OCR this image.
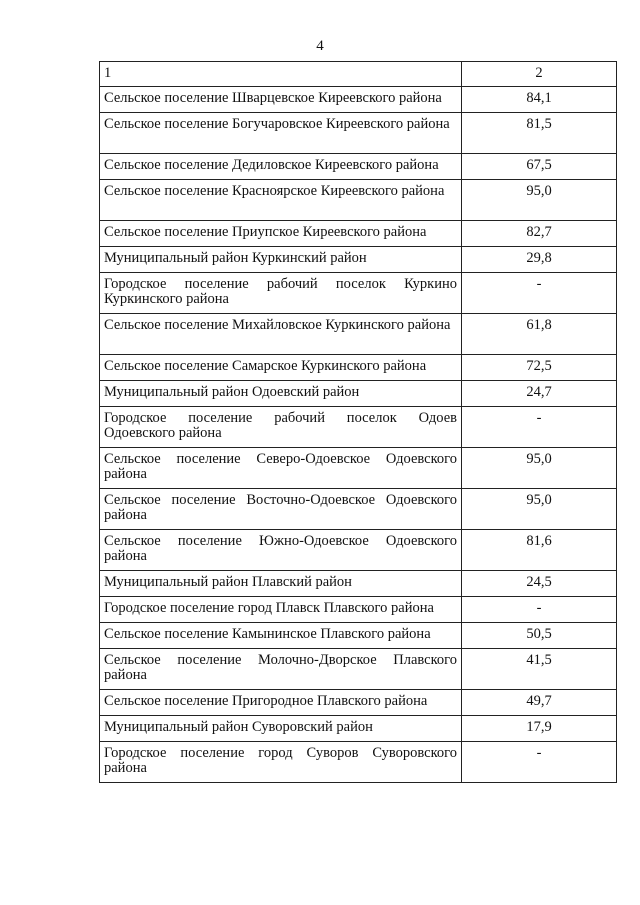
4
1	2
Сельское поселение Шварцевское Киреевского района	84,1
Сельское поселение Богучаровское Киреевского района	81,5
Сельское поселение Дедиловское Киреевского района	67,5
Сельское поселение Красноярское Киреевского района	95,0
Сельское поселение Приупское Киреевского района	82,7
Муниципальный район Куркинский район	29,8
Городское поселение рабочий поселок Куркино Куркинского района	-
Сельское поселение Михайловское Куркинского района	61,8
Сельское поселение Самарское Куркинского района	72,5
Муниципальный район Одоевский район	24,7
Городское поселение рабочий поселок Одоев Одоевского района	-
Сельское поселение Северо-Одоевское Одоевского района	95,0
Сельское поселение Восточно-Одоевское Одоевского района	95,0
Сельское поселение Южно-Одоевское Одоевского района	81,6
Муниципальный район Плавский район	24,5
Городское поселение город Плавск Плавского района	-
Сельское поселение Камынинское Плавского района	50,5
Сельское поселение Молочно-Дворское Плавского района	41,5
Сельское поселение Пригородное Плавского района	49,7
Муниципальный район Суворовский район	17,9
Городское поселение город Суворов Суворовского района	-
